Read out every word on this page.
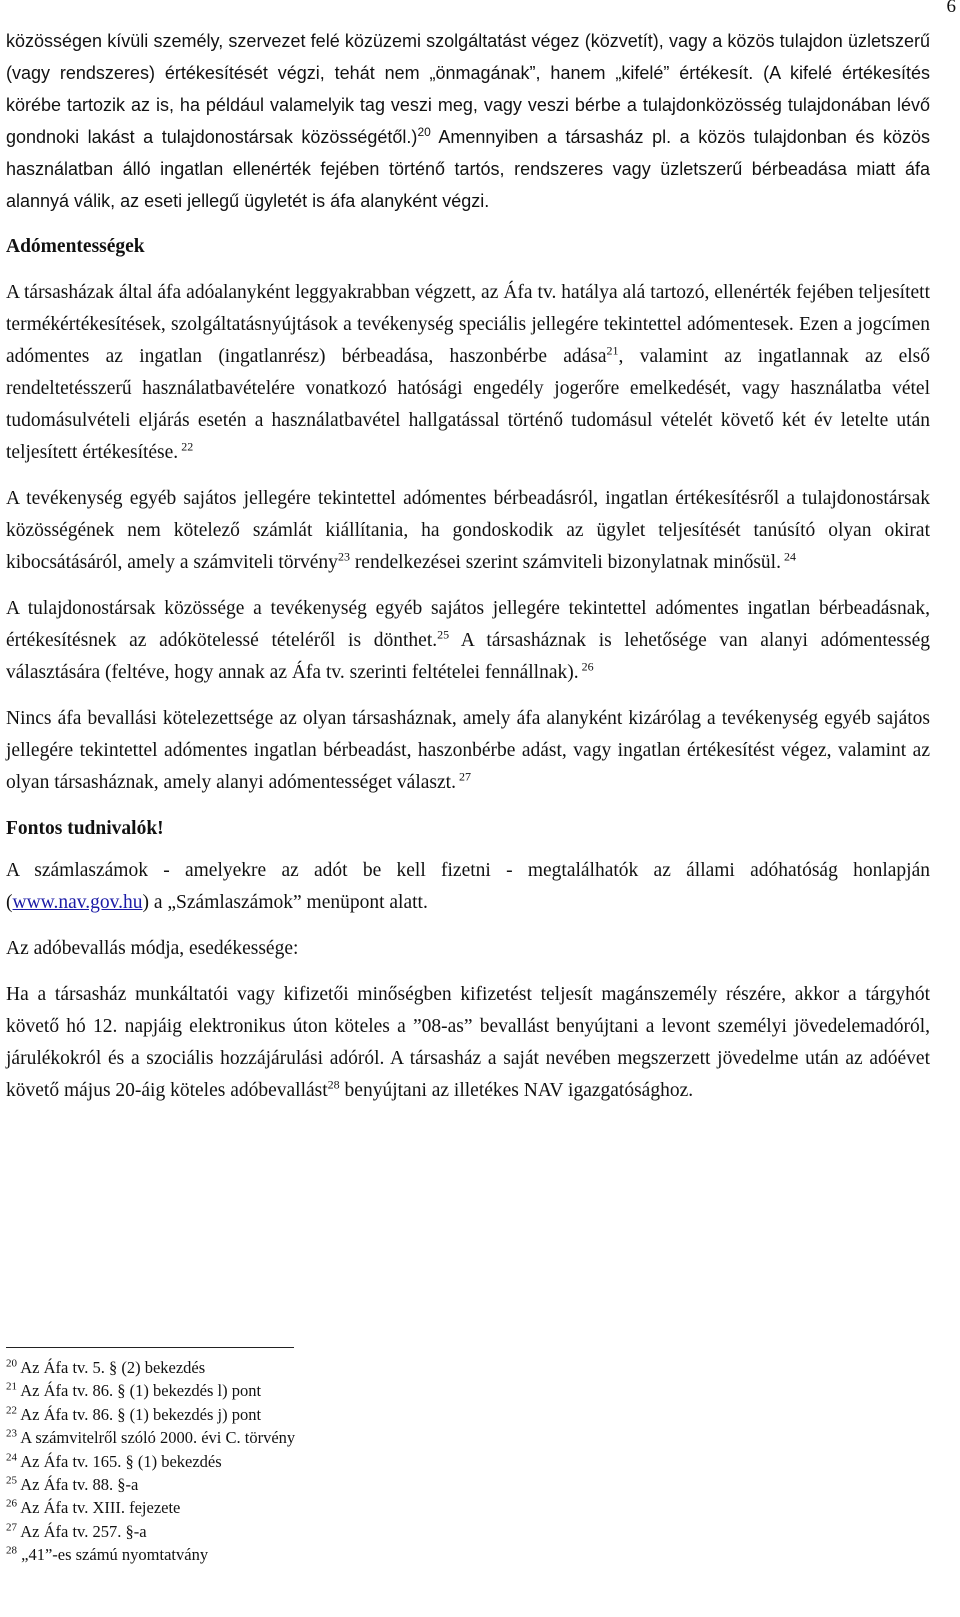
6

közösségen kívüli személy, szervezet felé közüzemi szolgáltatást végez (közvetít), vagy a közös tulajdon üzletszerű (vagy rendszeres) értékesítését végzi, tehát nem „önmagának”, hanem „kifelé” értékesít. (A kifelé értékesítés körébe tartozik az is, ha például valamelyik tag veszi meg, vagy veszi bérbe a tulajdonközösség tulajdonában lévő gondnoki lakást a tulajdonostársak közösségétől.)$^{20}$ Amennyiben a társasház pl. a közös tulajdonban és közös használatban álló ingatlan ellenérték fejében történő tartós, rendszeres vagy üzletszerű bérbeadása miatt áfa alannyá válik, az eseti jellegű ügyletét is áfa alanyként végzi.

Adómentességek

A társasházak által áfa adóalanyként leggyakrabban végzett, az Áfa tv. hatálya alá tartozó, ellenérték fejében teljesített termékértékesítések, szolgáltatásnyújtások a tevékenység speciális jellegére tekintettel adómentesek. Ezen a jogcímen adómentes az ingatlan (ingatlanrész) bérbeadása, haszonbérbe adása$^{21}$, valamint az ingatlannak az első rendeltetésszerű használatbavételére vonatkozó hatósági engedély jogerőre emelkedését, vagy használatba vétel tudomásulvételi eljárás esetén a használatbavétel hallgatással történő tudomásul vételét követő két év letelte után teljesített értékesítése. $^{22}$

A tevékenység egyéb sajátos jellegére tekintettel adómentes bérbeadásról, ingatlan értékesítésről a tulajdonostársak közösségének nem kötelező számlát kiállítania, ha gondoskodik az ügylet teljesítését tanúsító olyan okirat kibocsátásáról, amely a számviteli törvény$^{23}$ rendelkezései szerint számviteli bizonylatnak minősül. $^{24}$

A tulajdonostársak közössége a tevékenység egyéb sajátos jellegére tekintettel adómentes ingatlan bérbeadásnak, értékesítésnek az adókötelessé tételéről is dönthet.$^{25}$ A társasháznak is lehetősége van alanyi adómentesség választására (feltéve, hogy annak az Áfa tv. szerinti feltételei fennállnak). $^{26}$

Nincs áfa bevallási kötelezettsége az olyan társasháznak, amely áfa alanyként kizárólag a tevékenység egyéb sajátos jellegére tekintettel adómentes ingatlan bérbeadást, haszonbérbe adást, vagy ingatlan értékesítést végez, valamint az olyan társasháznak, amely alanyi adómentességet választ. $^{27}$

Fontos tudnivalók!

A számlaszámok - amelyekre az adót be kell fizetni - megtalálhatók az állami adóhatóság honlapján (www.nav.gov.hu) a „Számlaszámok” menüpont alatt.

Az adóbevallás módja, esedékessége:

Ha a társasház munkáltatói vagy kifizetői minőségben kifizetést teljesít magánszemély részére, akkor a tárgyhót követő hó 12. napjáig elektronikus úton köteles a ”08-as” bevallást benyújtani a levont személyi jövedelemadóról, járulékokról és a szociális hozzájárulási adóról. A társasház a saját nevében megszerzett jövedelme után az adóévet követő május 20-áig köteles adóbevallást$^{28}$ benyújtani az illetékes NAV igazgatósághoz.

$^{20}$ Az Áfa tv. 5. § (2) bekezdés
$^{21}$ Az Áfa tv. 86. § (1) bekezdés l) pont
$^{22}$ Az Áfa tv. 86. § (1) bekezdés j) pont
$^{23}$ A számvitelről szóló 2000. évi C. törvény
$^{24}$ Az Áfa tv. 165. § (1) bekezdés
$^{25}$ Az Áfa tv. 88. §-a
$^{26}$ Az Áfa tv. XIII. fejezete
$^{27}$ Az Áfa tv. 257. §-a
$^{28}$ „41”-es számú nyomtatvány
